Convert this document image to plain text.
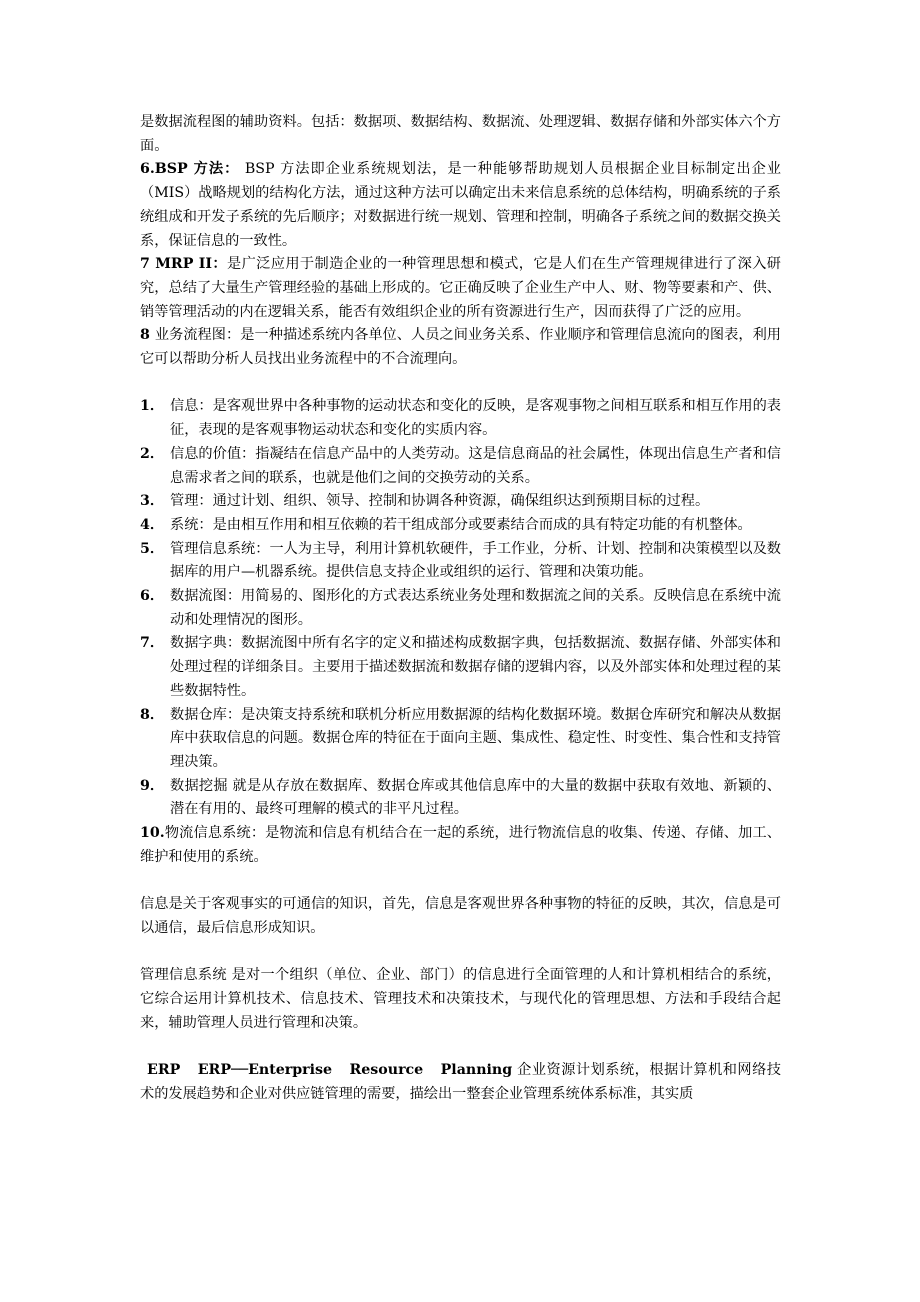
是数据流程图的辅助资料。包括：数据项、数据结构、数据流、处理逻辑、数据存储和外部实体六个方面。

6.BSP 方法： BSP 方法即企业系统规划法，是一种能够帮助规划人员根据企业目标制定出企业（MIS）战略规划的结构化方法，通过这种方法可以确定出未来信息系统的总体结构，明确系统的子系统组成和开发子系统的先后顺序；对数据进行统一规划、管理和控制，明确各子系统之间的数据交换关系，保证信息的一致性。

7 MRP II：是广泛应用于制造企业的一种管理思想和模式，它是人们在生产管理规律进行了深入研究，总结了大量生产管理经验的基础上形成的。它正确反映了企业生产中人、财、物等要素和产、供、销等管理活动的内在逻辑关系，能否有效组织企业的所有资源进行生产，因而获得了广泛的应用。

8 业务流程图：是一种描述系统内各单位、人员之间业务关系、作业顺序和管理信息流向的图表，利用它可以帮助分析人员找出业务流程中的不合流理向。

1． 信息：是客观世界中各种事物的运动状态和变化的反映，是客观事物之间相互联系和相互作用的表征，表现的是客观事物运动状态和变化的实质内容。
2． 信息的价值：指凝结在信息产品中的人类劳动。这是信息商品的社会属性，体现出信息生产者和信息需求者之间的联系，也就是他们之间的交换劳动的关系。
3． 管理：通过计划、组织、领导、控制和协调各种资源，确保组织达到预期目标的过程。
4． 系统：是由相互作用和相互依赖的若干组成部分或要素结合而成的具有特定功能的有机整体。
5． 管理信息系统：一人为主导，利用计算机软硬件，手工作业，分析、计划、控制和决策模型以及数据库的用户—机器系统。提供信息支持企业或组织的运行、管理和决策功能。
6． 数据流图：用简易的、图形化的方式表达系统业务处理和数据流之间的关系。反映信息在系统中流动和处理情况的图形。
7． 数据字典：数据流图中所有名字的定义和描述构成数据字典，包括数据流、数据存储、外部实体和处理过程的详细条目。主要用于描述数据流和数据存储的逻辑内容，以及外部实体和处理过程的某些数据特性。
8． 数据仓库：是决策支持系统和联机分析应用数据源的结构化数据环境。数据仓库研究和解决从数据库中获取信息的问题。数据仓库的特征在于面向主题、集成性、稳定性、时变性、集合性和支持管理决策。
9． 数据挖掘 就是从存放在数据库、数据仓库或其他信息库中的大量的数据中获取有效地、新颖的、潜在有用的、最终可理解的模式的非平凡过程。

10.物流信息系统：是物流和信息有机结合在一起的系统，进行物流信息的收集、传递、存储、加工、维护和使用的系统。

信息是关于客观事实的可通信的知识，首先，信息是客观世界各种事物的特征的反映，其次，信息是可以通信，最后信息形成知识。

管理信息系统 是对一个组织（单位、企业、部门）的信息进行全面管理的人和计算机相结合的系统，它综合运用计算机技术、信息技术、管理技术和决策技术，与现代化的管理思想、方法和手段结合起来，辅助管理人员进行管理和决策。

ERP ERP──Enterprise Resource Planning 企业资源计划系统，根据计算机和网络技术的发展趋势和企业对供应链管理的需要，描绘出一整套企业管理系统体系标准，其实质
